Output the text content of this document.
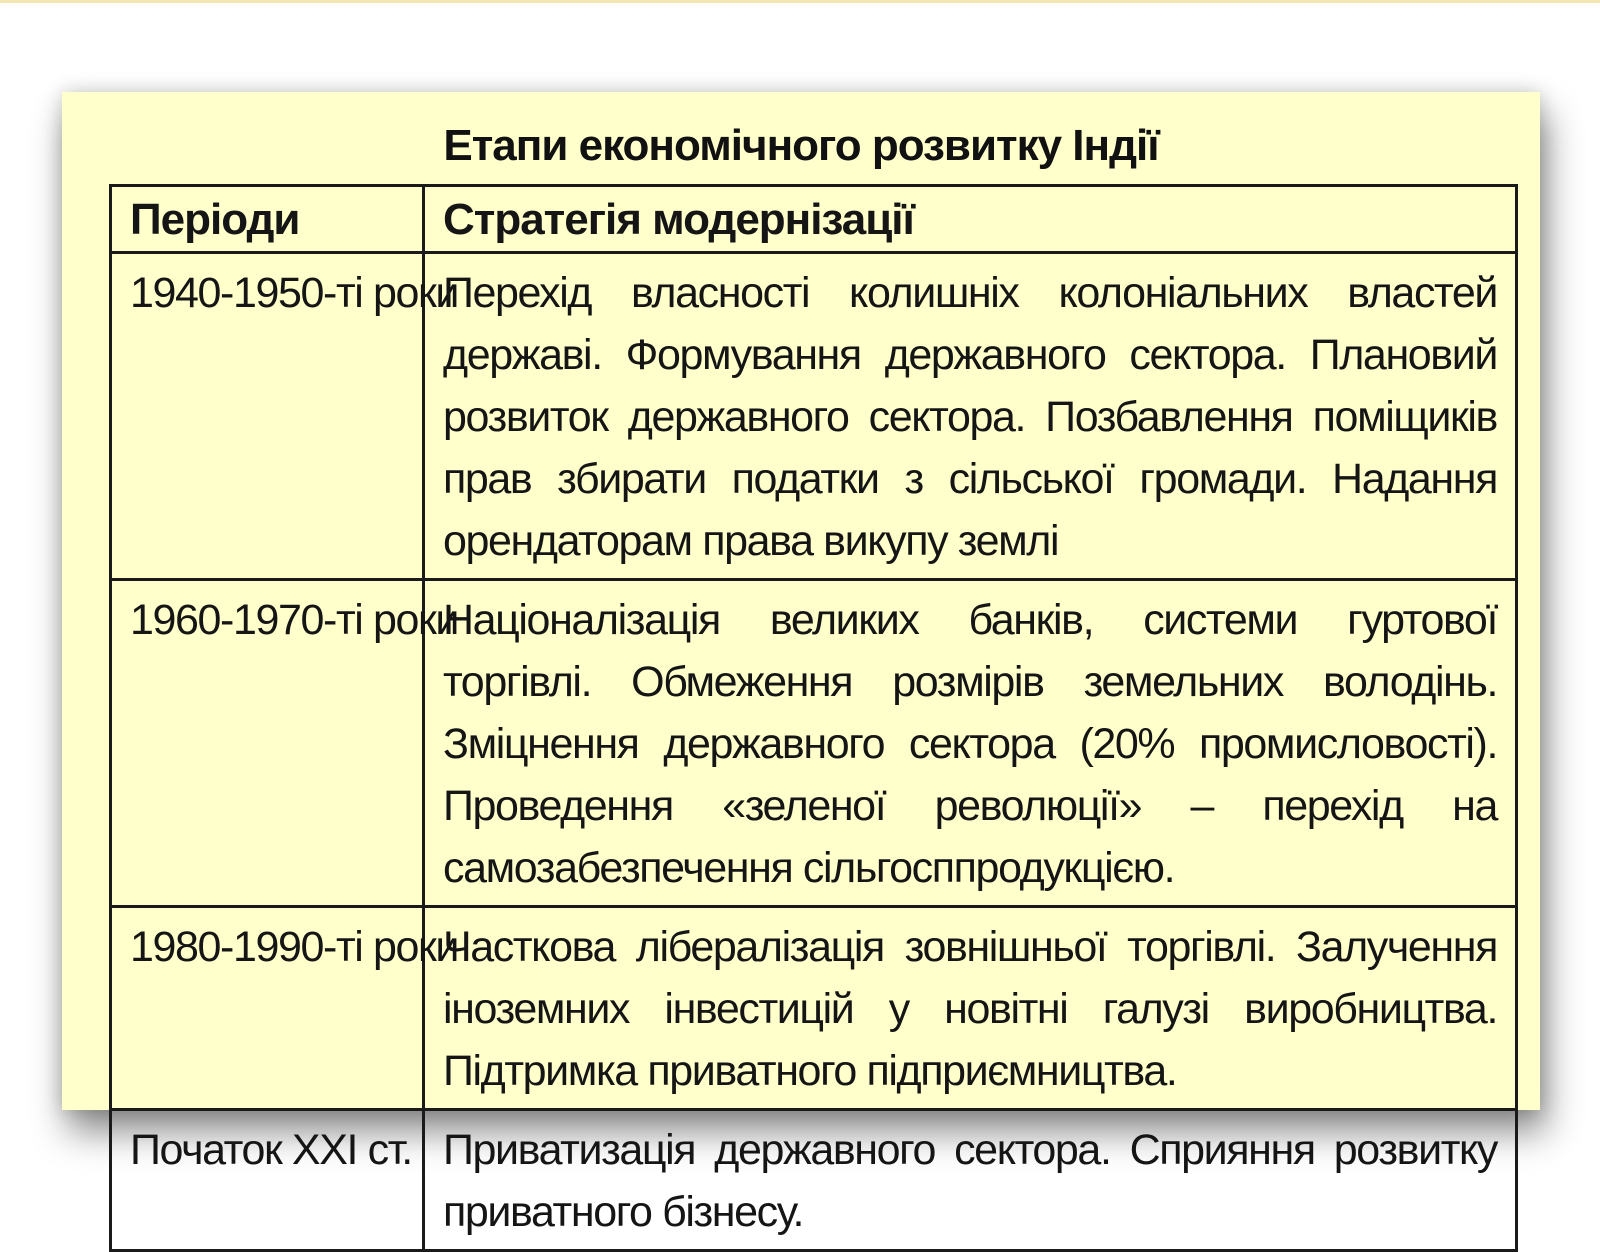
Етапи економічного розвитку Індії
Періоди	Стратегія модернізації
1940-1950-ті роки	Перехід власності колишніх колоніальних властей державі. Формування державного сектора. Плановий розвиток державного сектора. Позбавлення поміщиків прав збирати податки з сільської громади. Надання орендаторам права викупу землі
1960-1970-ті роки	Націоналізація великих банків, системи гуртової торгівлі. Обмеження розмірів земельних володінь. Зміцнення державного сектора (20% промисловості). Проведення «зеленої революції» – перехід на самозабезпечення сільгосппродукцією.
1980-1990-ті роки	Часткова лібералізація зовнішньої торгівлі. Залучення іноземних інвестицій у новітні галузі виробництва. Підтримка приватного підприємництва.
Початок ХХІ ст.	Приватизація державного сектора. Сприяння розвитку приватного бізнесу.
